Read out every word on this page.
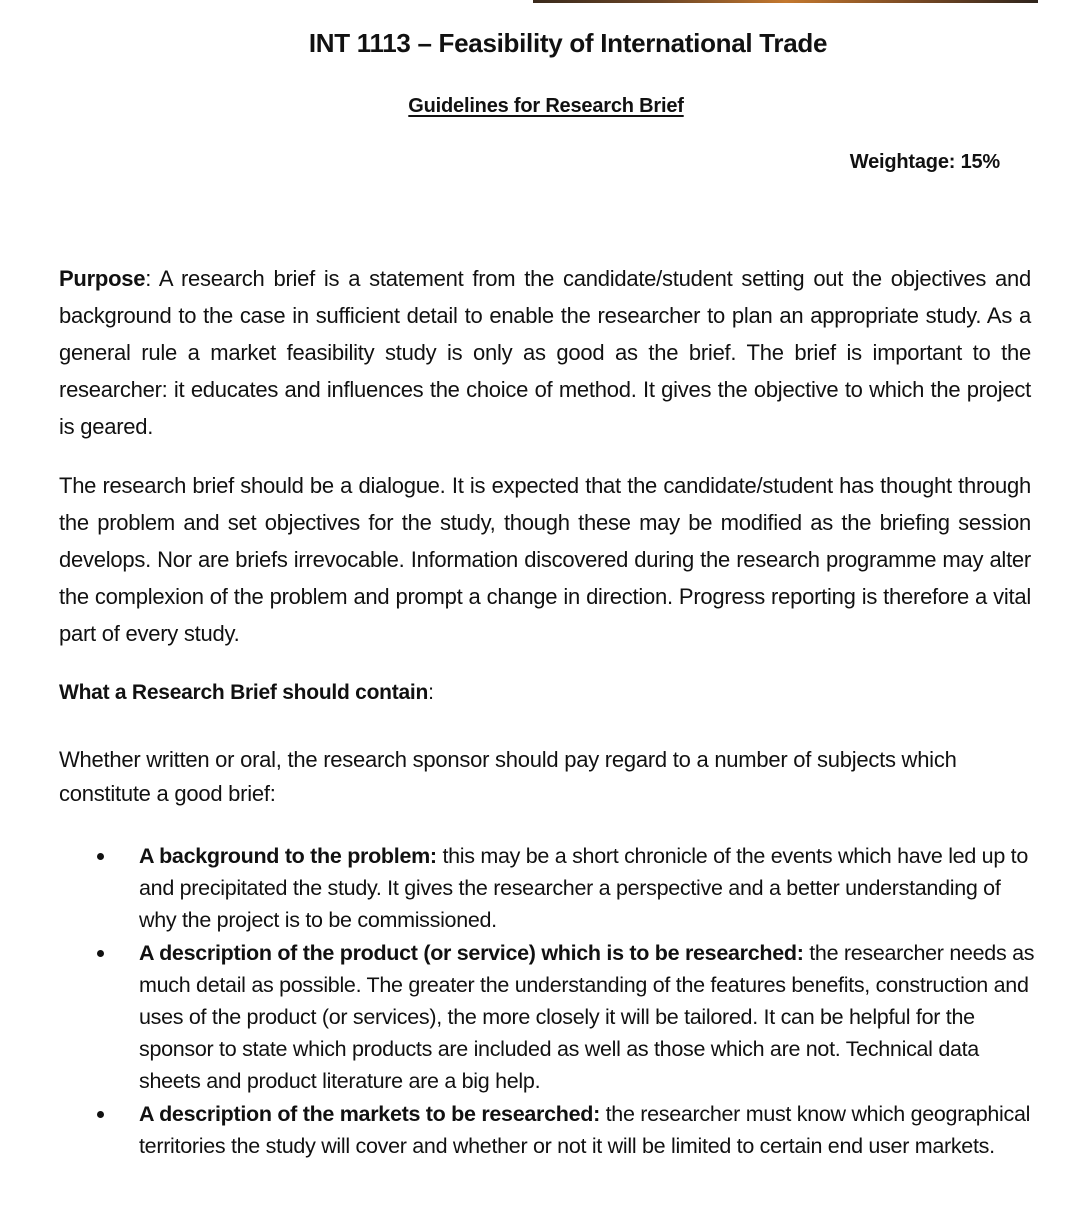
INT 1113 – Feasibility of International Trade
Guidelines for Research Brief

Weightage: 15%

Purpose: A research brief is a statement from the candidate/student setting out the objectives and background to the case in sufficient detail to enable the researcher to plan an appropriate study. As a general rule a market feasibility study is only as good as the brief. The brief is important to the researcher: it educates and influences the choice of method. It gives the objective to which the project is geared.

The research brief should be a dialogue. It is expected that the candidate/student has thought through the problem and set objectives for the study, though these may be modified as the briefing session develops. Nor are briefs irrevocable. Information discovered during the research programme may alter the complexion of the problem and prompt a change in direction. Progress reporting is therefore a vital part of every study.

What a Research Brief should contain:

Whether written or oral, the research sponsor should pay regard to a number of subjects which constitute a good brief:

A background to the problem: this may be a short chronicle of the events which have led up to and precipitated the study. It gives the researcher a perspective and a better understanding of why the project is to be commissioned.
A description of the product (or service) which is to be researched: the researcher needs as much detail as possible. The greater the understanding of the features benefits, construction and uses of the product (or services), the more closely it will be tailored. It can be helpful for the sponsor to state which products are included as well as those which are not. Technical data sheets and product literature are a big help.
A description of the markets to be researched: the researcher must know which geographical territories the study will cover and whether or not it will be limited to certain end user markets.
